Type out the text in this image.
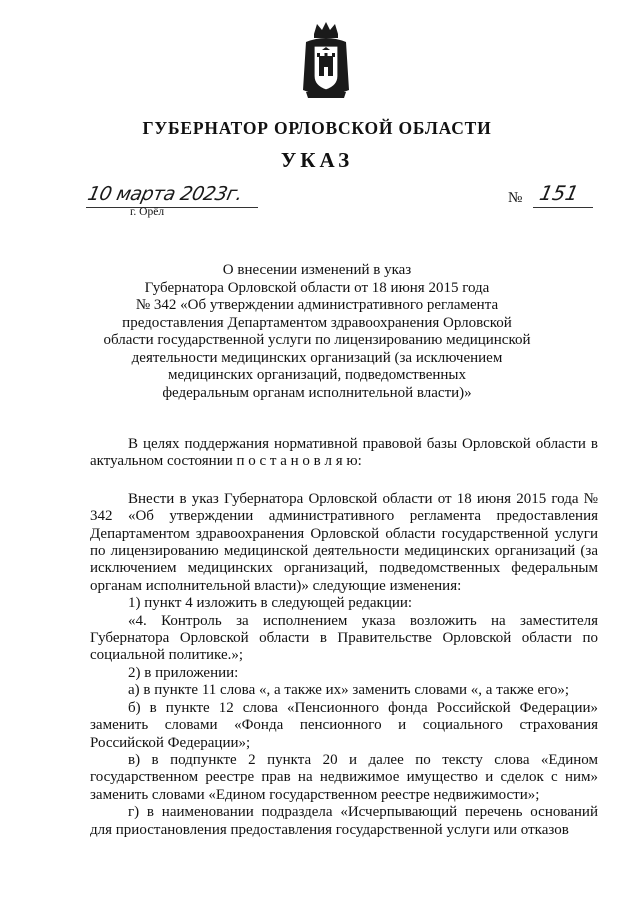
ГУБЕРНАТОР ОРЛОВСКОЙ ОБЛАСТИ
УКАЗ
10 марта 2023г.
г. Орёл
№ 151
О внесении изменений в указ
Губернатора Орловской области от 18 июня 2015 года
№ 342 «Об утверждении административного регламента
предоставления Департаментом здравоохранения Орловской
области государственной услуги по лицензированию медицинской
деятельности медицинских организаций (за исключением
медицинских организаций, подведомственных
федеральным органам исполнительной власти)»

В целях поддержания нормативной правовой базы Орловской области в актуальном состоянии п о с т а н о в л я ю:

Внести в указ Губернатора Орловской области от 18 июня 2015 года № 342 «Об утверждении административного регламента предоставления Департаментом здравоохранения Орловской области государственной услуги по лицензированию медицинской деятельности медицинских организаций (за исключением медицинских организаций, подведомственных федеральным органам исполнительной власти)» следующие изменения:

1) пункт 4 изложить в следующей редакции:

«4. Контроль за исполнением указа возложить на заместителя Губернатора Орловской области в Правительстве Орловской области по социальной политике.»;

2) в приложении:

а) в пункте 11 слова «, а также их» заменить словами «, а также его»;

б) в пункте 12 слова «Пенсионного фонда Российской Федерации» заменить словами «Фонда пенсионного и социального страхования Российской Федерации»;

в) в подпункте 2 пункта 20 и далее по тексту слова «Едином государственном реестре прав на недвижимое имущество и сделок с ним» заменить словами «Едином государственном реестре недвижимости»;

г) в наименовании подраздела «Исчерпывающий перечень оснований для приостановления предоставления государственной услуги или отказов
